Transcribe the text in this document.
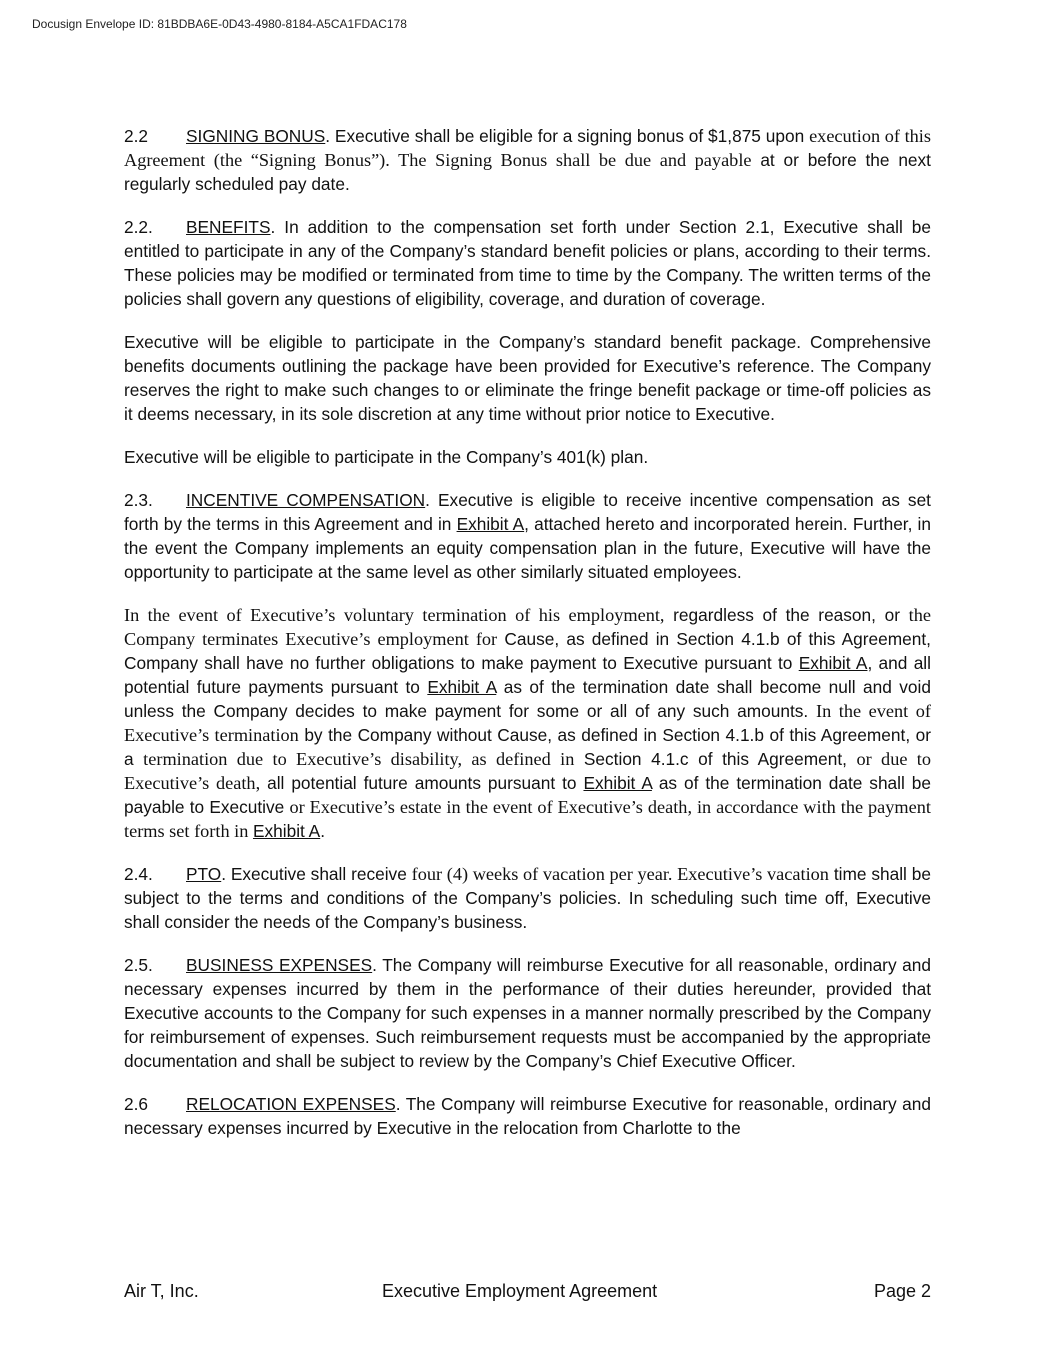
Docusign Envelope ID: 81BDBA6E-0D43-4980-8184-A5CA1FDAC178

2.2 SIGNING BONUS. Executive shall be eligible for a signing bonus of $1,875 upon execution of this Agreement (the “Signing Bonus”). The Signing Bonus shall be due and payable at or before the next regularly scheduled pay date.

2.2. BENEFITS. In addition to the compensation set forth under Section 2.1, Executive shall be entitled to participate in any of the Company’s standard benefit policies or plans, according to their terms. These policies may be modified or terminated from time to time by the Company. The written terms of the policies shall govern any questions of eligibility, coverage, and duration of coverage.

Executive will be eligible to participate in the Company’s standard benefit package. Comprehensive benefits documents outlining the package have been provided for Executive’s reference. The Company reserves the right to make such changes to or eliminate the fringe benefit package or time-off policies as it deems necessary, in its sole discretion at any time without prior notice to Executive.

Executive will be eligible to participate in the Company’s 401(k) plan.

2.3. INCENTIVE COMPENSATION. Executive is eligible to receive incentive compensation as set forth by the terms in this Agreement and in Exhibit A, attached hereto and incorporated herein. Further, in the event the Company implements an equity compensation plan in the future, Executive will have the opportunity to participate at the same level as other similarly situated employees.

In the event of Executive’s voluntary termination of his employment, regardless of the reason, or the Company terminates Executive’s employment for Cause, as defined in Section 4.1.b of this Agreement, Company shall have no further obligations to make payment to Executive pursuant to Exhibit A, and all potential future payments pursuant to Exhibit A as of the termination date shall become null and void unless the Company decides to make payment for some or all of any such amounts. In the event of Executive’s termination by the Company without Cause, as defined in Section 4.1.b of this Agreement, or a termination due to Executive’s disability, as defined in Section 4.1.c of this Agreement, or due to Executive’s death, all potential future amounts pursuant to Exhibit A as of the termination date shall be payable to Executive or Executive’s estate in the event of Executive’s death, in accordance with the payment terms set forth in Exhibit A.

2.4. PTO. Executive shall receive four (4) weeks of vacation per year. Executive’s vacation time shall be subject to the terms and conditions of the Company’s policies. In scheduling such time off, Executive shall consider the needs of the Company’s business.

2.5. BUSINESS EXPENSES. The Company will reimburse Executive for all reasonable, ordinary and necessary expenses incurred by them in the performance of their duties hereunder, provided that Executive accounts to the Company for such expenses in a manner normally prescribed by the Company for reimbursement of expenses. Such reimbursement requests must be accompanied by the appropriate documentation and shall be subject to review by the Company’s Chief Executive Officer.

2.6 RELOCATION EXPENSES. The Company will reimburse Executive for reasonable, ordinary and necessary expenses incurred by Executive in the relocation from Charlotte to the

Air T, Inc.	Executive Employment Agreement	Page 2
